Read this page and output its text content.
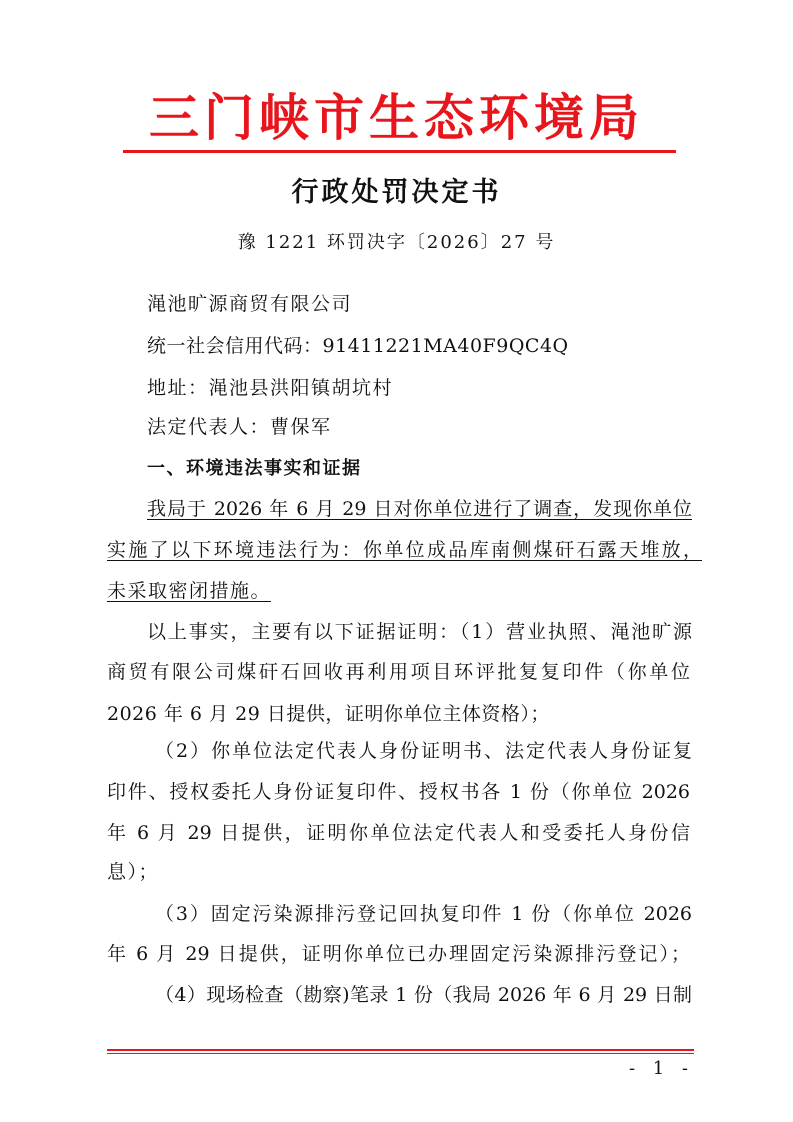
三门峡市生态环境局
行政处罚决定书
豫 1221 环罚决字〔2026〕27 号
渑池旷源商贸有限公司
统一社会信用代码：91411221MA40F9QC4Q
地址：渑池县洪阳镇胡坑村
法定代表人：曹保军
一、环境违法事实和证据
我局于 2026 年 6 月 29 日对你单位进行了调查，发现你单位
实施了以下环境违法行为：你单位成品库南侧煤矸石露天堆放，
未采取密闭措施。
以上事实，主要有以下证据证明：（1）营业执照、渑池旷源
商贸有限公司煤矸石回收再利用项目环评批复复印件（你单位
2026 年 6 月 29 日提供，证明你单位主体资格）；
（2）你单位法定代表人身份证明书、法定代表人身份证复
印件、授权委托人身份证复印件、授权书各 1 份（你单位 2026
年 6 月 29 日提供，证明你单位法定代表人和受委托人身份信
息）；
（3）固定污染源排污登记回执复印件 1 份（你单位 2026
年 6 月 29 日提供，证明你单位已办理固定污染源排污登记）；
（4）现场检查（勘察)笔录 1 份（我局 2026 年 6 月 29 日制
- 1 -
